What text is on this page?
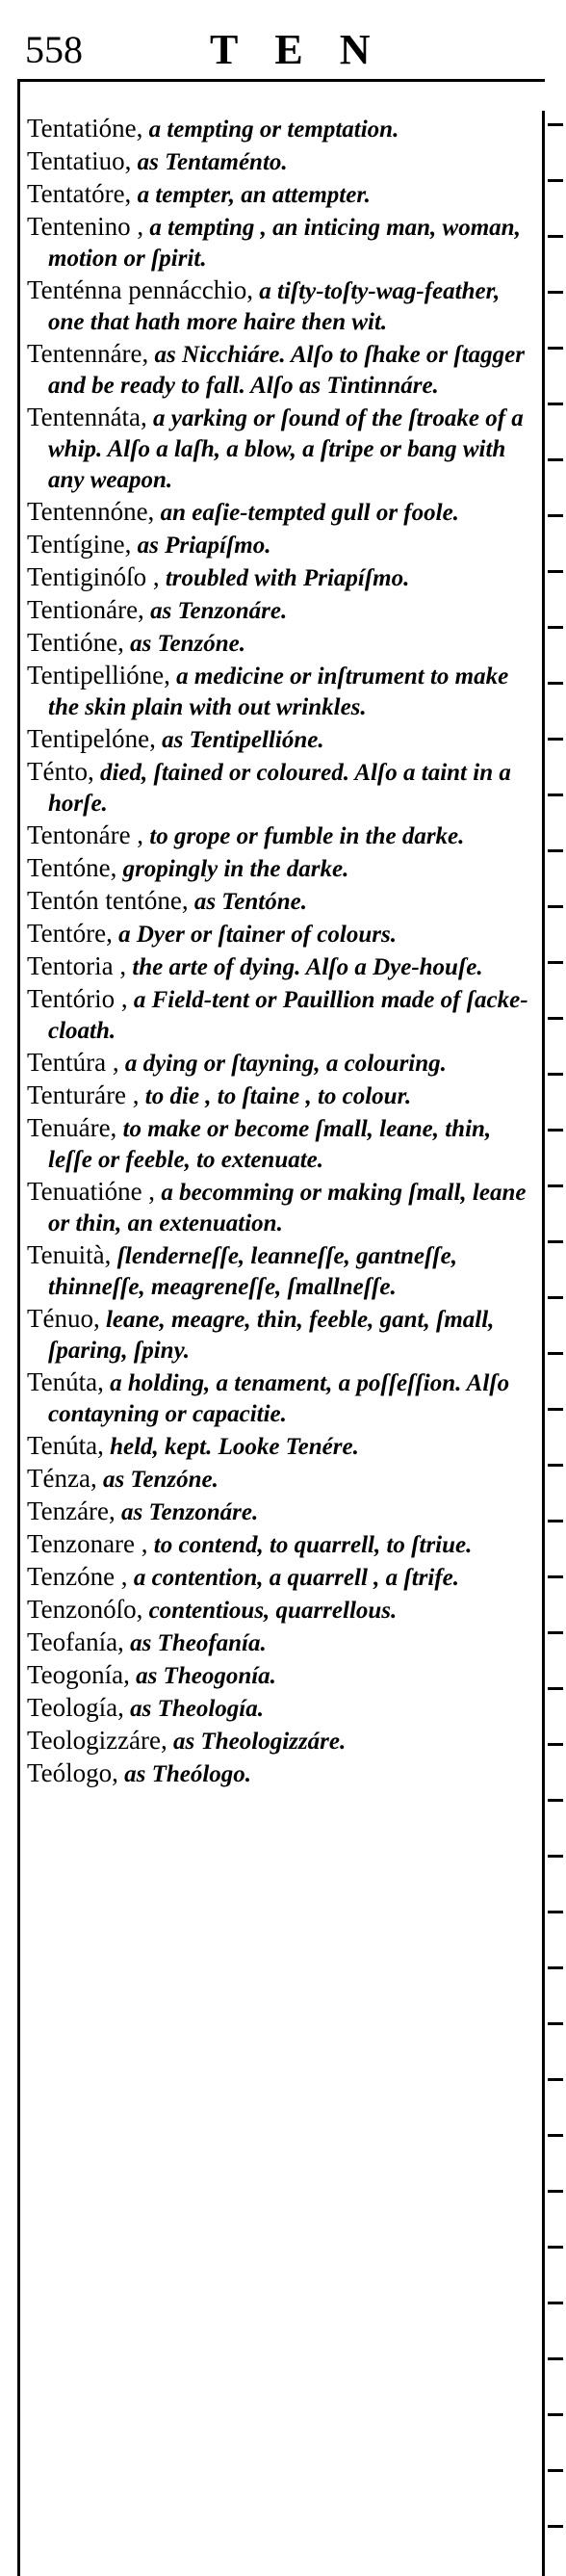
558	TEN
Tentatióne, a tempting or temptation.
Tentatiuo, as Tentaménto.
Tentatóre, a tempter, an attempter.
Tentenino , a tempting , an inticing man, woman, motion or ſpirit.
Tenténna pennácchio, a tiſty-toſty-wag-feather, one that hath more haire then wit.
Tentennáre, as Nicchiáre. Alſo to ſhake or ſtagger and be ready to fall. Alſo as Tintinnáre.
Tentennáta, a yarking or ſound of the ſtroake of a whip. Alſo a laſh, a blow, a ſtripe or bang with any weapon.
Tentennóne, an eaſie-tempted gull or foole.
Tentígine, as Priapíſmo.
Tentiginóſo , troubled with Priapíſmo.
Tentionáre, as Tenzonáre.
Tentióne, as Tenzóne.
Tentipellióne, a medicine or inſtrument to make the skin plain with out wrinkles.
Tentipelóne, as Tentipellióne.
Ténto, died, ſtained or coloured. Alſo a taint in a horſe.
Tentonáre , to grope or fumble in the darke.
Tentóne, gropingly in the darke.
Tentón tentóne, as Tentóne.
Tentóre, a Dyer or ſtainer of colours.
Tentoria , the arte of dying. Alſo a Dye-houſe.
Tentório , a Field-tent or Pauillion made of ſacke-cloath.
Tentúra , a dying or ſtayning, a colouring.
Tenturáre , to die , to ſtaine , to colour.
Tenuáre, to make or become ſmall, leane, thin, leſſe or feeble, to extenuate.
Tenuatióne , a becomming or making ſmall, leane or thin, an extenuation.
Tenuità, ſlenderneſſe, leanneſſe, gantneſſe, thinneſſe, meagreneſſe, ſmallneſſe.
Ténuo, leane, meagre, thin, feeble, gant, ſmall, ſparing, ſpiny.
Tenúta, a holding, a tenament, a poſſeſſion. Alſo contayning or capacitie.
Tenúta, held, kept. Looke Tenére.
Ténza, as Tenzóne.
Tenzáre, as Tenzonáre.
Tenzonare , to contend, to quarrell, to ſtriue.
Tenzóne , a contention, a quarrell , a ſtrife.
Tenzonóſo, contentious, quarrellous.
Teofanía, as Theofanía.
Teogonía, as Theogonía.
Teología, as Theología.
Teologizzáre, as Theologizzáre.
Teólogo, as Theólogo.
